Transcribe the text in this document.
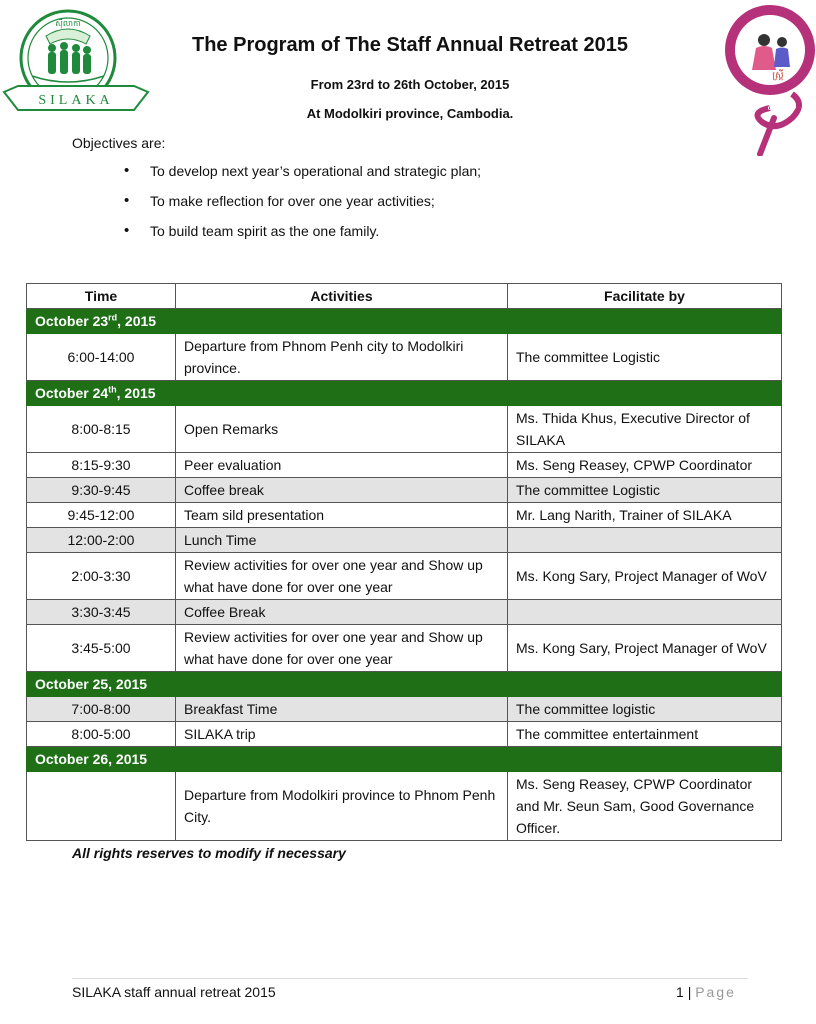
SILAKA
ស៊ីលាកា
ស្ត្រី
c p w p
The Program of The Staff Annual Retreat 2015
From 23rd to 26th October, 2015
At Modolkiri province, Cambodia.
Objectives are:
• To develop next year’s operational and strategic plan;
• To make reflection for over one year activities;
• To build team spirit as the one family.
Time	Activities	Facilitate by
October 23rd, 2015		
6:00-14:00	Departure from Phnom Penh city to Modolkiri province.	The committee Logistic
October 24th, 2015		
8:00-8:15	Open Remarks	Ms. Thida Khus, Executive Director of SILAKA
8:15-9:30	Peer evaluation	Ms. Seng Reasey, CPWP Coordinator
9:30-9:45	Coffee break	The committee Logistic
9:45-12:00	Team sild presentation	Mr. Lang Narith, Trainer of SILAKA
12:00-2:00	Lunch Time	
2:00-3:30	Review activities for over one year and Show up what have done for over one year	Ms. Kong Sary, Project Manager of WoV
3:30-3:45	Coffee Break	
3:45-5:00	Review activities for over one year and Show up what have done for over one year	Ms. Kong Sary, Project Manager of WoV
October 25, 2015		
7:00-8:00	Breakfast Time	The committee logistic
8:00-5:00	SILAKA trip	The committee entertainment
October 26, 2015		
	Departure from Modolkiri province to Phnom Penh City.	Ms. Seng Reasey, CPWP Coordinator and Mr. Seun Sam, Good Governance Officer.
All rights reserves to modify if necessary
SILAKA staff annual retreat 2015	1 | Page
